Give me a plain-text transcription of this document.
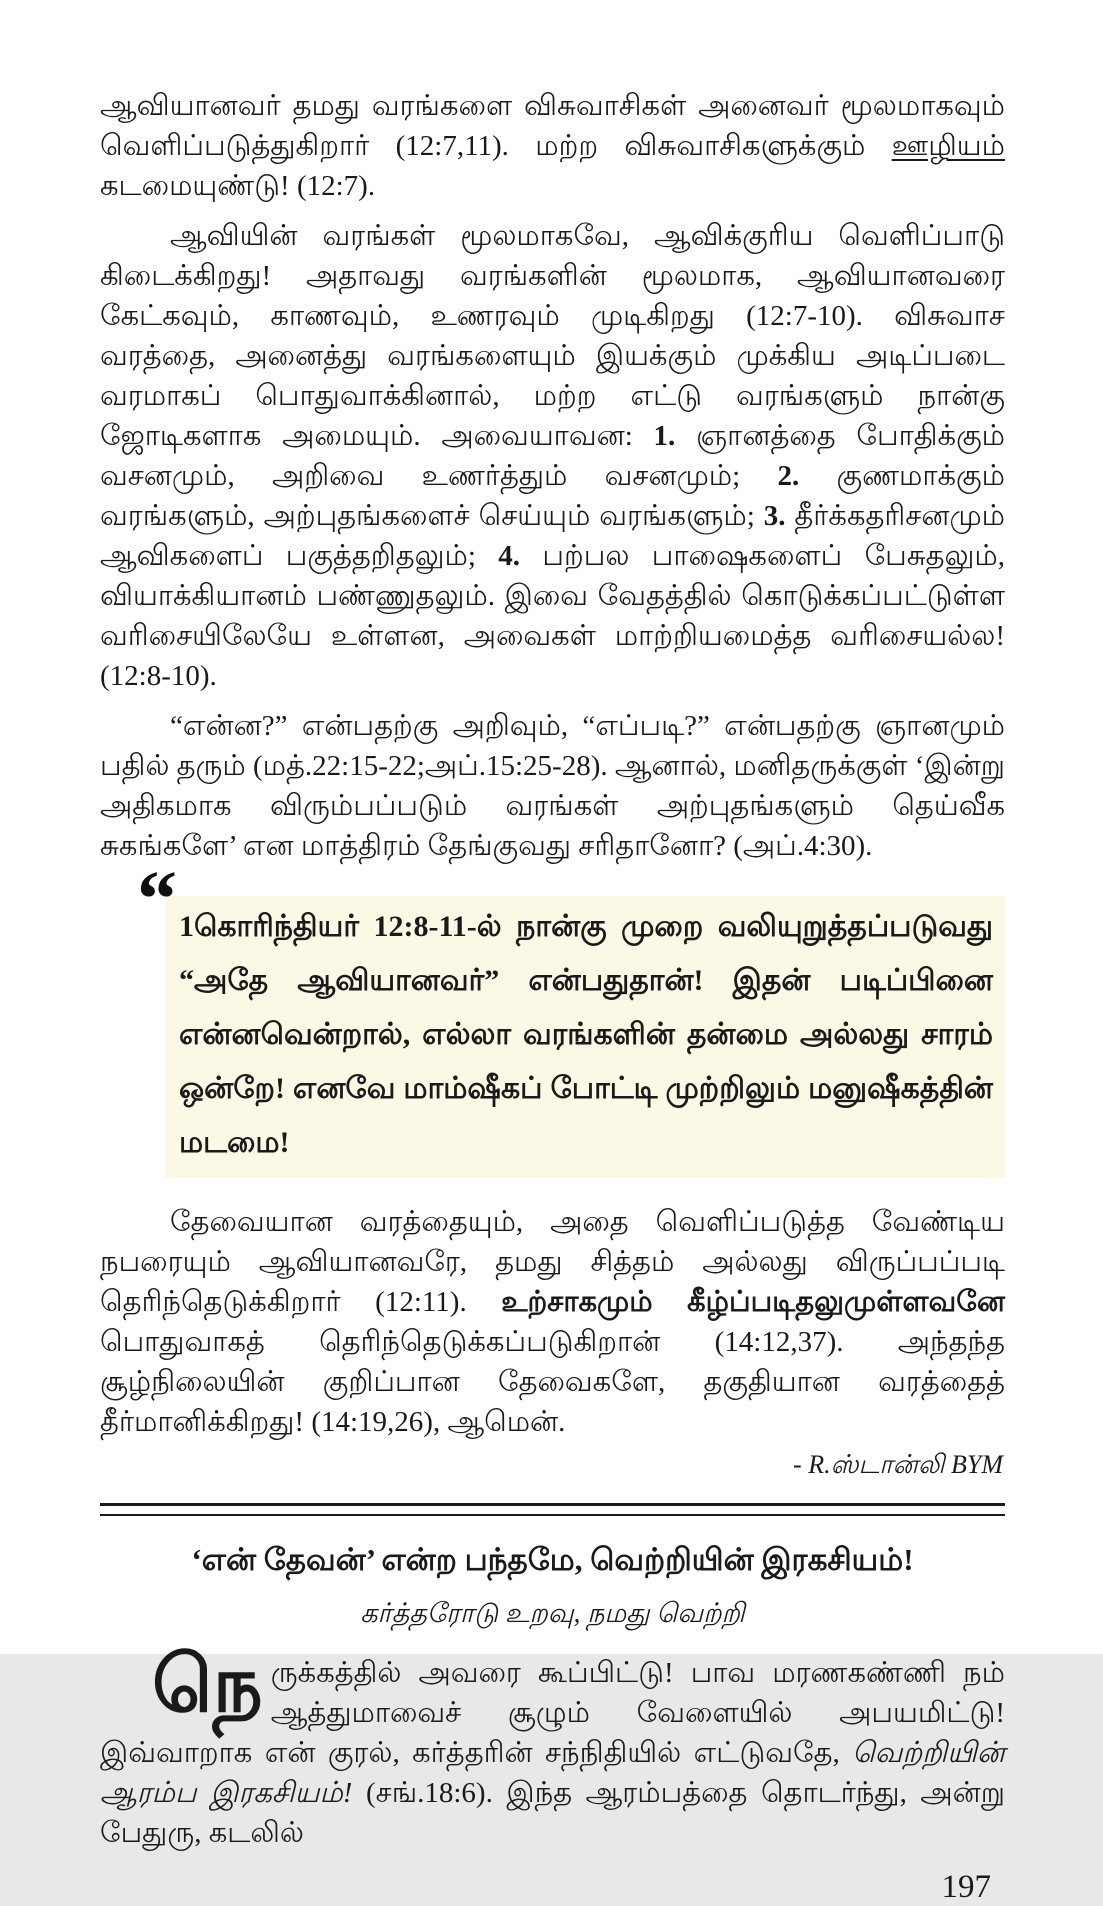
ஆவியானவர் தமது வரங்களை விசுவாசிகள் அனைவர் மூலமாகவும் வெளிப்படுத்துகிறார் (12:7,11). மற்ற விசுவாசிகளுக்கும் ஊழியம் கடமையுண்டு! (12:7).

ஆவியின் வரங்கள் மூலமாகவே, ஆவிக்குரிய வெளிப்பாடு கிடைக்கிறது! அதாவது வரங்களின் மூலமாக, ஆவியானவரை கேட்கவும், காணவும், உணரவும் முடிகிறது (12:7-10). விசுவாச வரத்தை, அனைத்து வரங்களையும் இயக்கும் முக்கிய அடிப்படை வரமாகப் பொதுவாக்கினால், மற்ற எட்டு வரங்களும் நான்கு ஜோடிகளாக அமையும். அவையாவன: 1. ஞானத்தை போதிக்கும் வசனமும், அறிவை உணர்த்தும் வசனமும்; 2. குணமாக்கும் வரங்களும், அற்புதங்களைச் செய்யும் வரங்களும்; 3. தீர்க்கதரிசனமும் ஆவிகளைப் பகுத்தறிதலும்; 4. பற்பல பாஷைகளைப் பேசுதலும், வியாக்கியானம் பண்ணுதலும். இவை வேதத்தில் கொடுக்கப்பட்டுள்ள வரிசையிலேயே உள்ளன, அவைகள் மாற்றியமைத்த வரிசையல்ல! (12:8-10).

“என்ன?” என்பதற்கு அறிவும், “எப்படி?” என்பதற்கு ஞானமும் பதில் தரும் (மத்.22:15-22;அப்.15:25-28). ஆனால், மனிதருக்குள் ‘இன்று அதிகமாக விரும்பப்படும் வரங்கள் அற்புதங்களும் தெய்வீக சுகங்களே’ என மாத்திரம் தேங்குவது சரிதானோ? (அப்.4:30).

“ 1கொரிந்தியர் 12:8-11-ல் நான்கு முறை வலியுறுத்தப்படுவது “அதே ஆவியானவர்” என்பதுதான்! இதன் படிப்பினை என்னவென்றால், எல்லா வரங்களின் தன்மை அல்லது சாரம் ஒன்றே! எனவே மாம்ஷீகப் போட்டி முற்றிலும் மனுஷீகத்தின் மடமை!

தேவையான வரத்தையும், அதை வெளிப்படுத்த வேண்டிய நபரையும் ஆவியானவரே, தமது சித்தம் அல்லது விருப்பப்படி தெரிந்தெடுக்கிறார் (12:11). உற்சாகமும் கீழ்ப்படிதலுமுள்ளவனே பொதுவாகத் தெரிந்தெடுக்கப்படுகிறான் (14:12,37). அந்தந்த சூழ்நிலையின் குறிப்பான தேவைகளே, தகுதியான வரத்தைத் தீர்மானிக்கிறது! (14:19,26), ஆமென்.

- R.ஸ்டான்லி BYM
‘என் தேவன்’ என்ற பந்தமே, வெற்றியின் இரகசியம்!
கர்த்தரோடு உறவு, நமது வெற்றி

நெருக்கத்தில் அவரை கூப்பிட்டு! பாவ மரணகண்ணி நம் ஆத்துமாவைச் சூழும் வேளையில் அபயமிட்டு! இவ்வாறாக என் குரல், கர்த்தரின் சந்நிதியில் எட்டுவதே, வெற்றியின் ஆரம்ப இரகசியம்! (சங்.18:6). இந்த ஆரம்பத்தை தொடர்ந்து, அன்று பேதுரு, கடலில்

197
